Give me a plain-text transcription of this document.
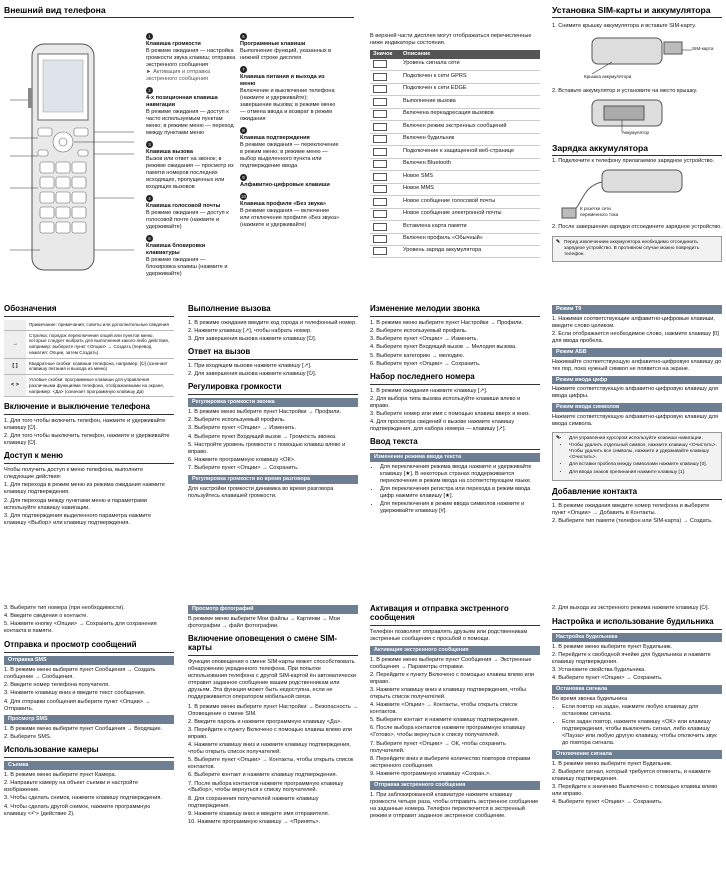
Внешний вид телефона
1
Клавиша громкости
В режиме ожидания — настройка громкости звука клавиш; отправка экстренного сообщения
► Активация и отправка экстренного сообщения
2
4-х позиционная клавиша навигации
В режиме ожидания — доступ к часто используемым пунктам меню; в режиме меню — переход между пунктами меню
3
Клавиша вызова
Вызов или ответ на звонок; в режиме ожидания — просмотр из памяти номеров последних исходящих, пропущенных или входящих вызовов
4
Клавиша голосовой почты
В режиме ожидания — доступ к голосовой почте (нажмите и удерживайте)
5
Клавиша блокировки клавиатуры
В режиме ожидания — блокировка клавиш (нажмите и удерживайте)
6
Программные клавиши
Выполнение функций, указанных в нижней строке дисплея
7
Клавиша питания и выхода из меню
Включение и выключение телефона (нажмите и удерживайте); завершение вызова; в режиме меню — отмена ввода и возврат в режим ожидания
8
Клавиша подтверждения
В режиме ожидания — переключение в режим меню; в режиме меню — выбор выделенного пункта или подтверждение ввода
9
Алфавитно-цифровые клавиши
10
Клавиша профиля «Без звука»
В режиме ожидания — включение или отключение профиля «Без звука» (нажмите и удерживайте)

В верхней части дисплея могут отображаться перечисленные ниже индикаторы состояния.

Значок	Описание
	Уровень сигнала сети
	Подключен к сети GPRS
	Подключен к сети EDGE
	Выполнение вызова
	Включена переадресация вызовов
	Включен режим экстренных сообщений
	Включен будильник
	Подключение к защищенной веб-странице
	Включен Bluetooth
	Новое SMS
	Новое MMS
	Новое сообщение голосовой почты
	Новое сообщение электронной почты
	Вставлена карта памяти
	Включен профиль «Обычный»
	Уровень заряда аккумулятора
Установка SIM-карты и аккумулятора

1. Снимите крышку аккумулятора и вставьте SIM-карту.

Крышка аккумулятора
SIM-карта

2. Вставьте аккумулятор и установите на место крышку.

Аккумулятор
Зарядка аккумулятора

1. Подключите к телефону прилагаемое зарядное устройство.

К розетке сети переменного тока

2. После завершения зарядки отсоедините зарядное устройство.

✎ Перед извлечением аккумулятора необходимо отсоединить зарядное устройство. В противном случае можно повредить телефон.
Обозначения
	Примечание: примечания, советы или дополнительные сведения
→	Стрелка: порядок переключения опций или пунктов меню, которые следует выбрать для выполнения какого-либо действия, например: выберите пункт <Опции> → Создать (перевод нажатия: Опции, затем Создать)
[ ]	Квадратные скобки: клавиши телефона, например: [⏻] (означает клавишу питания и выхода из меню)
< >	Угловые скобки: программные клавиши для управления различными функциями телефона, отображаемыми на экране, например: <Да> (означает программную клавишу Да)
Включение и выключение телефона

1. Для того чтобы включить телефон, нажмите и удерживайте клавишу [⏻].

2. Для того чтобы выключить телефон, нажмите и удерживайте клавишу [⏻].

Доступ к меню

Чтобы получить доступ к меню телефона, выполните следующие действия:

1. Для перехода в режим меню из режима ожидания нажмите клавишу подтверждения.

2. Для перехода между пунктами меню и параметрами используйте клавишу навигации.

3. Для подтверждения выделенного параметра нажмите клавишу <Выбор> или клавишу подтверждения.

Выполнение вызова

1. В режиме ожидания введите код города и телефонный номер.

2. Нажмите клавишу [↗], чтобы набрать номер.

3. Для завершения вызова нажмите клавишу [⏻].

Ответ на вызов

1. При входящем вызове нажмите клавишу [↗].

2. Для завершения вызова нажмите клавишу [⏻].

Регулировка громкости
Регулировка громкости звонка

1. В режиме меню выберите пункт Настройки → Профили.

2. Выберите используемый профиль.

3. Выберите пункт <Опции> → Изменить.

4. Выберите пункт Входящий вызов → Громкость звонка.

5. Настройте уровень громкости с помощью клавиш влево и вправо.

6. Нажмите программную клавишу <ОК>.

7. Выберите пункт <Опции> → Сохранить.

Регулировка громкости во время разговора

Для настройки громкости динамика во время разговора пользуйтесь клавишей громкости.

Изменение мелодии звонка

1. В режиме меню выберите пункт Настройки → Профили.

2. Выберите используемый профиль.

3. Выберите пункт <Опции> → Изменить.

4. Выберите пункт Входящий вызов → Мелодия вызова.

5. Выберите категорию → мелодию.

6. Выберите пункт <Опции> → Сохранить.

Набор последнего номера

1. В режиме ожидания нажмите клавишу [↗].

2. Для выбора типа вызова используйте клавиши влево и вправо.

3. Выберите номер или имя с помощью клавиш вверх и вниз.

4. Для просмотра сведений о вызове нажмите клавишу подтверждения, для набора номера — клавишу [↗].

Ввод текста
Изменение режима ввода текста
• Для переключения режима ввода нажмите и удерживайте клавишу [★]. В некоторых странах поддерживается переключение в режим ввода на соответствующем языке.
• Для переключения регистра или перехода в режим ввода цифр нажмите клавишу [★].
• Для переключения в режим ввода символов нажмите и удерживайте клавишу [#].
Режим Т9

1. Нажимая соответствующие алфавитно-цифровые клавиши, введите слово целиком.

2. Если отображается необходимое слово, нажмите клавишу [0] для ввода пробела.

Режим АБВ

Нажимайте соответствующую алфавитно-цифровую клавишу до тех пор, пока нужный символ не появится на экране.

Режим ввода цифр

Нажмите соответствующую алфавитно-цифровую клавишу для ввода цифры.

Режим ввода символов

Нажмите соответствующую алфавитно-цифровую клавишу для ввода символа.

✎ • Для управления курсором используйте клавиши навигации.
• Чтобы удалить отдельный символ, нажмите клавишу <Очистить>. Чтобы удалить все символы, нажмите и удерживайте клавишу <Очистить>.
• Для вставки пробела между символами нажмите клавишу [0].
• Для ввода знаков препинания нажмите клавишу [1].
Добавление контакта

1. В режиме ожидания введите номер телефона и выберите пункт <Опции> → Добавить в Контакты.

2. Выберите тип памяти (телефон или SIM-карта) → Создать.

3. Выберите тип номера (при необходимости).

4. Введите сведения о контакте.

5. Нажмите кнопку <Опции> → Сохранить для сохранения контакта в памяти.

Отправка и просмотр сообщений
Отправка SMS

1. В режиме меню выберите пункт Сообщения → Создать сообщение → Сообщения.

2. Введите номер телефона получателя.

3. Нажмите клавишу вниз и введите текст сообщения.

4. Для отправки сообщения выберите пункт <Опции> → Отправить.

Просмотр SMS

1. В режиме меню выберите пункт Сообщения → Входящие.

2. Выберите SMS.

Использование камеры
Съемка

1. В режиме меню выберите пункт Камера.

2. Направьте камеру на объект съемки и настройте изображение.

3. Чтобы сделать снимок, нажмите клавишу подтверждения.

4. Чтобы сделать другой снимок, нажмите программную клавишу <↶> (действие 2).

Просмотр фотографий

В режиме меню выберите Мои файлы → Картинки → Мои фотографии → файл фотографии.

Включение оповещения о смене SIM-карты

Функция оповещения о смене SIM-карты может способствовать обнаружению украденного телефона. При попытке использования телефона с другой SIM-картой ён автоматически отправит заданное сообщение вашим родственникам или друзьям. Эта функция может быть недоступна, если не поддерживается оператором мобильной связи.

1. В режиме меню выберите пункт Настройки → Безопасность → Оповещение о смене SIM.

2. Введите пароль и нажмите программную клавишу <Да>.

3. Перейдите к пункту Включено с помощью клавиш влево или вправо.

4. Нажмите клавишу вниз и нажмите клавишу подтверждения, чтобы открыть список получателей.

5. Выберите пункт <Опции> → Контакты, чтобы открыть список контактов.

6. Выберите контакт и нажмите клавишу подтверждения.

7. После выбора контактов нажмите программную клавишу <Выбор>, чтобы вернуться к списку получателей.

8. Для сохранения получателей нажмите клавишу подтверждения.

9. Нажмите клавишу вниз и введите имя отправителя.

10. Нажмите программную клавишу → <Принять>.

Активация и отправка экстренного сообщения

Телефон позволяет отправлять друзьям или родственникам экстренные сообщения с просьбой о помощи.

Активация экстренного сообщения

1. В режиме меню выберите пункт Сообщения → Экстренные сообщения → Параметры отправки.

2. Перейдите к пункту Включено с помощью клавиш влево или вправо.

3. Нажмите клавишу вниз и клавишу подтверждения, чтобы открыть список получателей.

4. Нажмите <Опции> → Контакты, чтобы открыть список контактов.

5. Выберите контакт и нажмите клавишу подтверждения.

6. После выбора контактов нажмите программную клавишу <Готово>, чтобы вернуться к списку получателей.

7. Выберите пункт <Опции> → ОК, чтобы сохранить получателей.

8. Перейдите вниз и выберите количество повторов отправки экстренного сообщения.

9. Нажмите программную клавишу <Сохран.>.

Отправка экстренного сообщения

1. При заблокированной клавиатуре нажмите клавишу громкости четыре раза, чтобы отправить экстренное сообщение на заданные номера. Телефон переключится в экстренный режим и отправит заданное экстренное сообщение.

2. Для выхода из экстренного режима нажмите клавишу [⏻].

Настройка и использование будильника
Настройка будильника

1. В режиме меню выберите пункт Будильник.

2. Перейдите к свободной ячейке для будильника и нажмите клавишу подтверждения.

3. Установите свойства будильника.

4. Выберите пункт <Опции> → Сохранить.

Остановка сигнала

Во время звонка будильника

• Если повтор на задан, нажмите любую клавишу для остановки сигнала.
• Если задан повтор, нажмите клавишу <ОК> или клавишу подтверждения, чтобы выключить сигнал, либо клавишу <Пауза> или любую другую клавишу, чтобы отключить звук до повтора сигнала.
Отключение сигнала

1. В режиме меню выберите пункт Будильник.

2. Выберите сигнал, который требуется отменить, и нажмите клавишу подтверждения.

3. Перейдите к значению Выключено с помощью клавиш влево или вправо.

4. Выберите пункт <Опции> → Сохранить.
